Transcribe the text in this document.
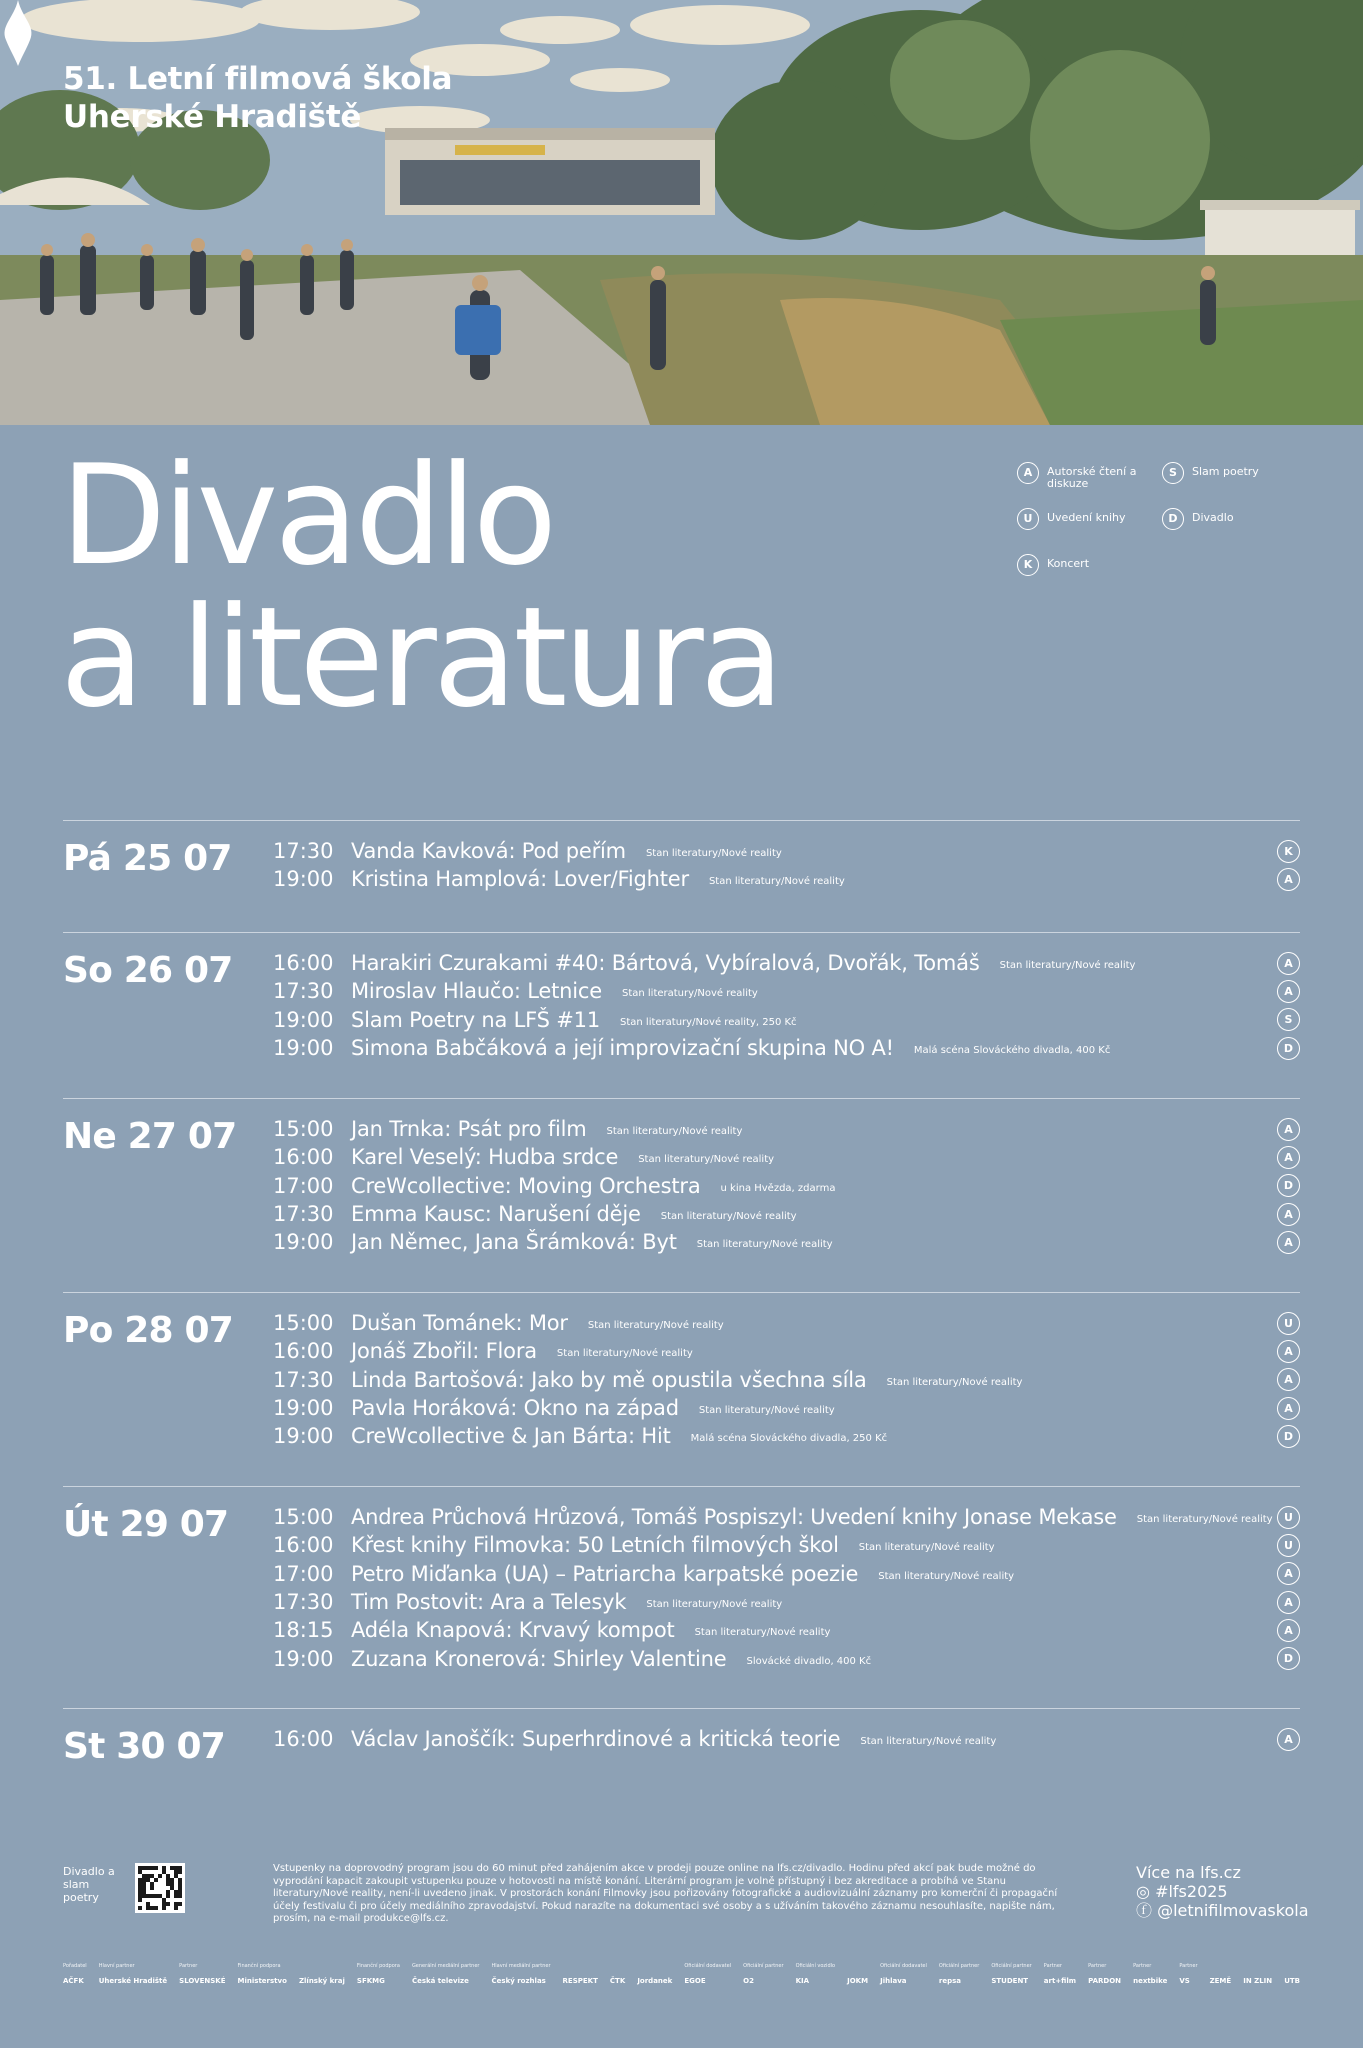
51. Letní filmová škola
Uherské Hradiště
Divadlo
a literatura
A	Autorské čtení a diskuze
S	Slam poetry
U	Uvedení knihy	D	Divadlo
K	Koncert
Pá 25 07	17:30 Vanda Kavková: Pod peřím Stan literatury/Nové reality	K
19:00 Kristina Hamplová: Lover/Fighter Stan literatury/Nové reality	A
So 26 07	16:00 Harakiri Czurakami #40: Bártová, Vybíralová, Dvořák, Tomáš Stan literatury/Nové reality	A
17:30 Miroslav Hlaučo: Letnice Stan literatury/Nové reality	A
19:00 Slam Poetry na LFŠ #11 Stan literatury/Nové reality, 250 Kč	S
19:00 Simona Babčáková a její improvizační skupina NO A! Malá scéna Slováckého divadla, 400 Kč	D
Ne 27 07	15:00 Jan Trnka: Psát pro film Stan literatury/Nové reality	A
16:00 Karel Veselý: Hudba srdce Stan literatury/Nové reality	A
17:00 CreWcollective: Moving Orchestra u kina Hvězda, zdarma	D
17:30 Emma Kausc: Narušení děje Stan literatury/Nové reality	A
19:00 Jan Němec, Jana Šrámková: Byt Stan literatury/Nové reality	A
Po 28 07	15:00 Dušan Tománek: Mor Stan literatury/Nové reality	U
16:00 Jonáš Zbořil: Flora Stan literatury/Nové reality	A
17:30 Linda Bartošová: Jako by mě opustila všechna síla Stan literatury/Nové reality	A
19:00 Pavla Horáková: Okno na západ Stan literatury/Nové reality	A
19:00 CreWcollective & Jan Bárta: Hit Malá scéna Slováckého divadla, 250 Kč	D
Út 29 07	15:00 Andrea Průchová Hrůzová, Tomáš Pospiszyl: Uvedení knihy Jonase Mekase Stan literatury/Nové reality	U
16:00 Křest knihy Filmovka: 50 Letních filmových škol Stan literatury/Nové reality	U
17:00 Petro Miďanka (UA) – Patriarcha karpatské poezie Stan literatury/Nové reality	A
17:30 Tim Postovit: Ara a Telesyk Stan literatury/Nové reality	A
18:15 Adéla Knapová: Krvavý kompot Stan literatury/Nové reality	A
19:00 Zuzana Kronerová: Shirley Valentine Slovácké divadlo, 400 Kč	D
St 30 07	16:00 Václav Janoščík: Superhrdinové a kritická teorie Stan literatury/Nové reality	A
Divadlo a slam poetry
Vstupenky na doprovodný program jsou do 60 minut před zahájením akce v prodeji pouze online na lfs.cz/divadlo. Hodinu před akcí pak bude možné do vyprodání kapacit zakoupit vstupenku pouze v hotovosti na místě konání. Literární program je volně přístupný i bez akreditace a probíhá ve Stanu literatury/Nové reality, není-li uvedeno jinak. V prostorách konání Filmovky jsou pořizovány fotografické a audiovizuální záznamy pro komerční či propagační účely festivalu či pro účely mediálního zpravodajství. Pokud narazíte na dokumentaci své osoby a s užíváním takového záznamu nesouhlasíte, napište nám, prosím, na e-mail produkce@lfs.cz.
Více na lfs.cz
◎ #lfs2025
ⓕ @letnifilmovaskola
Pořadatel
AČFK
Hlavní partner
Uherské Hradiště
Partner
SLOVENSKÉ
Finanční podpora
Ministerstvo Zlínský kraj
Finanční podpora
SFKMG
Generální mediální partner
Česká televize
Hlavní mediální partner
Český rozhlas RESPEKT ČTK Jordanek
Oficiální dodavatel
EGOE
Oficiální partner
O2
Oficiální vozidlo
KIA	JOKM
Oficiální dodavatel
Jihlava
Oficiální partner
repsa
Oficiální partner
STUDENT
Partner
art+film
Partner
PARDON
Partner
nextbike
Partner
VS	ZEMĚ IN ZLIN UTB
